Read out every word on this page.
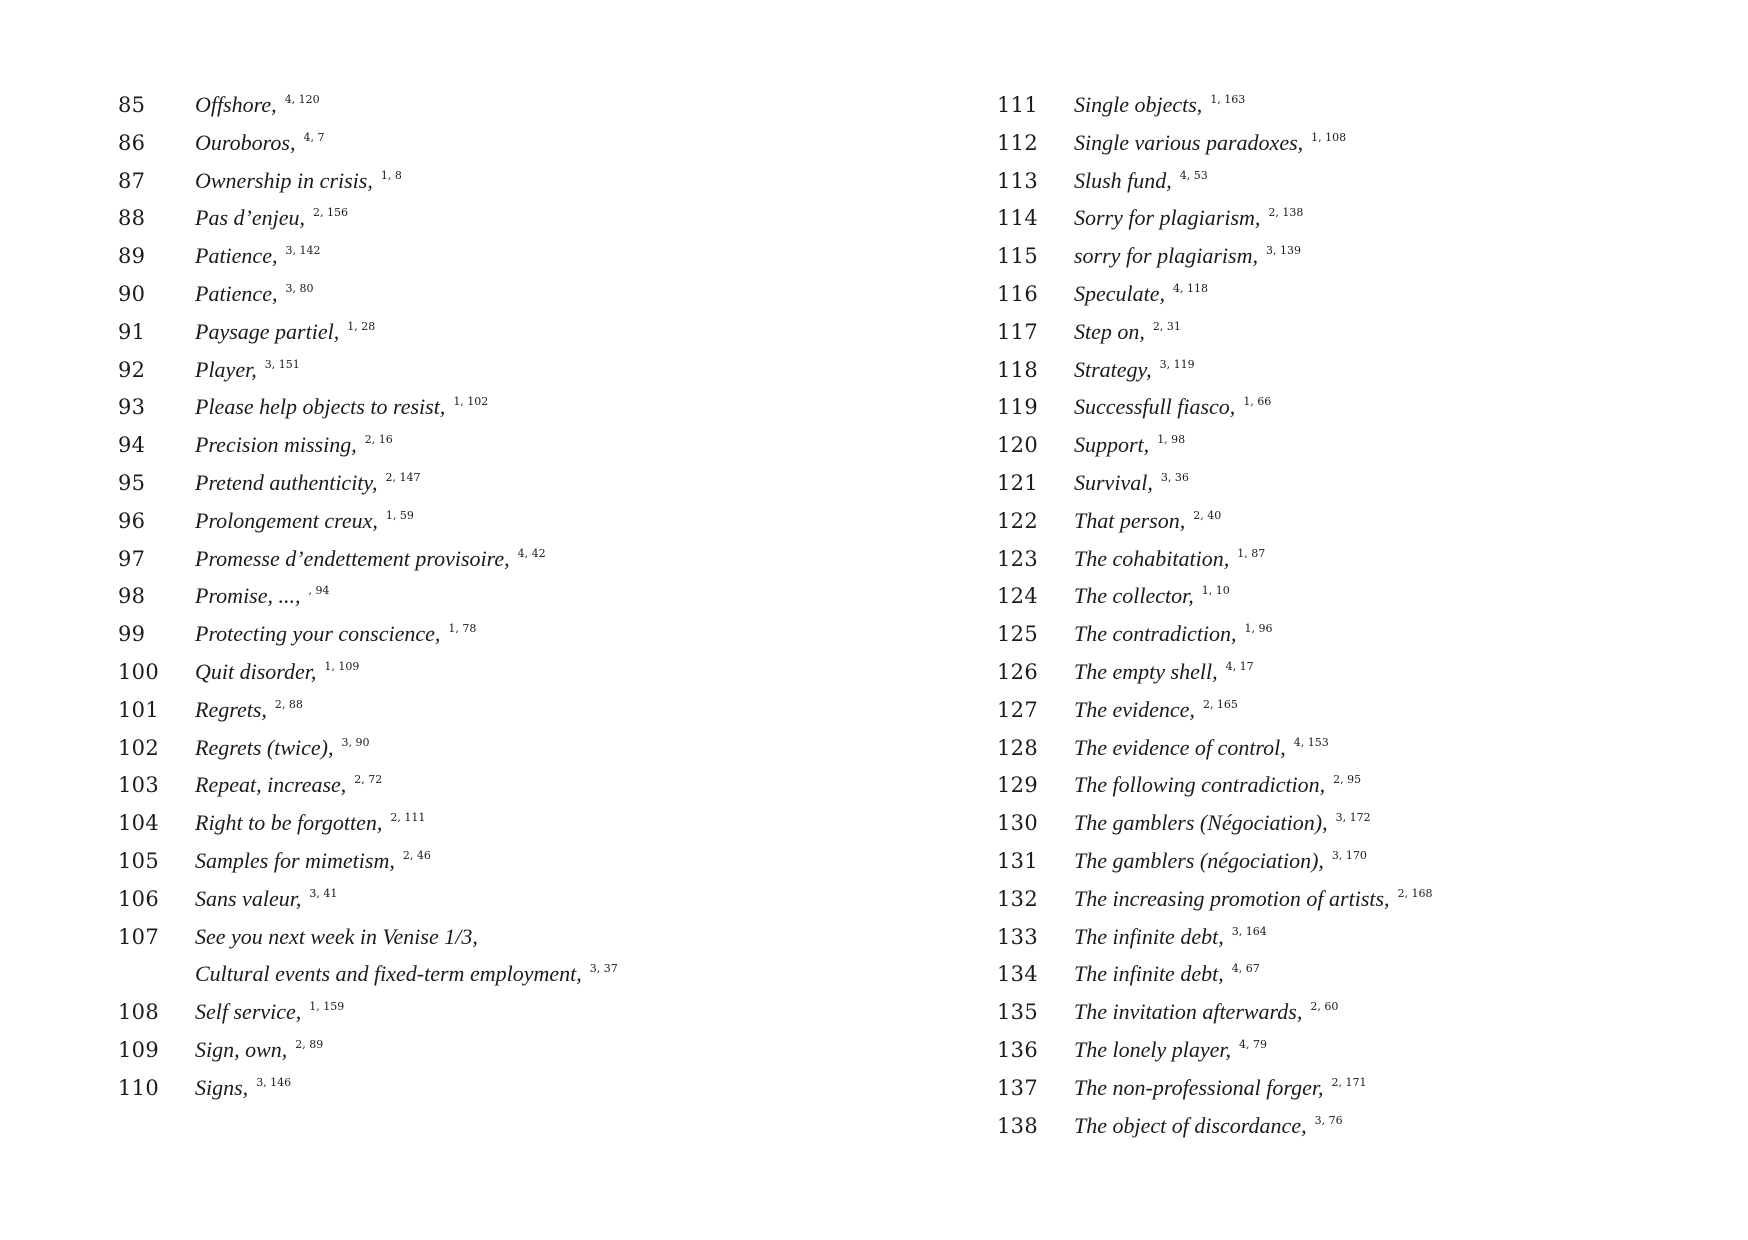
85	Offshore, 4, 120
86	Ouroboros, 4, 7
87	Ownership in crisis, 1, 8
88	Pas d’enjeu, 2, 156
89	Patience, 3, 142
90	Patience, 3, 80
91	Paysage partiel, 1, 28
92	Player, 3, 151
93	Please help objects to resist, 1, 102
94	Precision missing, 2, 16
95	Pretend authenticity, 2, 147
96	Prolongement creux, 1, 59
97	Promesse d’endettement provisoire, 4, 42
98	Promise, ..., , 94
99	Protecting your conscience, 1, 78
100	Quit disorder, 1, 109
101	Regrets, 2, 88
102	Regrets (twice), 3, 90
103	Repeat, increase, 2, 72
104	Right to be forgotten, 2, 111
105	Samples for mimetism, 2, 46
106	Sans valeur, 3, 41
107	See you next week in Venise 1/3,
Cultural events and fixed-term employment, 3, 37
108	Self service, 1, 159
109	Sign, own, 2, 89
110	Signs, 3, 146
111	Single objects, 1, 163
112	Single various paradoxes, 1, 108
113	Slush fund, 4, 53
114	Sorry for plagiarism, 2, 138
115	sorry for plagiarism, 3, 139
116	Speculate, 4, 118
117	Step on, 2, 31
118	Strategy, 3, 119
119	Successfull fiasco, 1, 66
120	Support, 1, 98
121	Survival, 3, 36
122	That person, 2, 40
123	The cohabitation, 1, 87
124	The collector, 1, 10
125	The contradiction, 1, 96
126	The empty shell, 4, 17
127	The evidence, 2, 165
128	The evidence of control, 4, 153
129	The following contradiction, 2, 95
130	The gamblers (Négociation), 3, 172
131	The gamblers (négociation), 3, 170
132	The increasing promotion of artists, 2, 168
133	The infinite debt, 3, 164
134	The infinite debt, 4, 67
135	The invitation afterwards, 2, 60
136	The lonely player, 4, 79
137	The non-professional forger, 2, 171
138	The object of discordance, 3, 76
